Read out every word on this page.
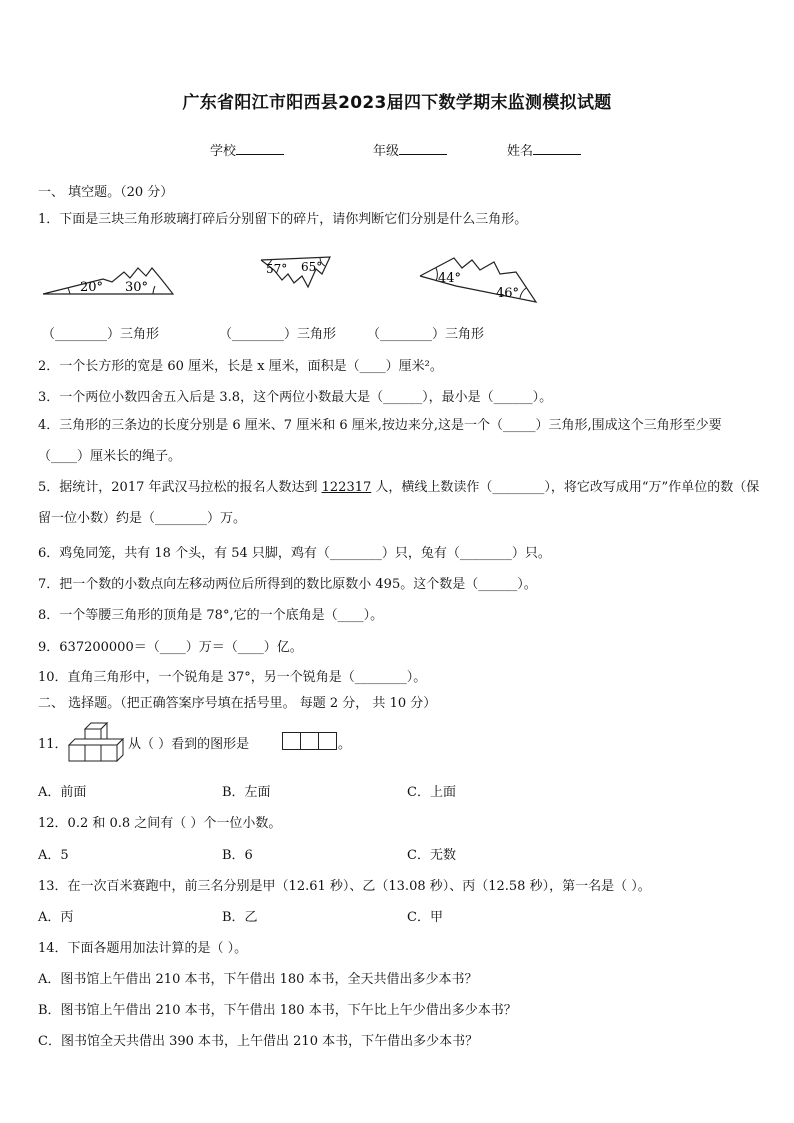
广东省阳江市阳西县2023届四下数学期末监测模拟试题
学校	年级	姓名
一、 填空题。（20 分）
1．下面是三块三角形玻璃打碎后分别留下的碎片，请你判断它们分别是什么三角形。
20° 30°
57° 65°
44°
46°
（________）三角形	（________）三角形 （________）三角形
2．一个长方形的宽是 60 厘米，长是 x 厘米，面积是（____）厘米²。
3．一个两位小数四舍五入后是 3.8，这个两位小数最大是（______），最小是（______）。
4．三角形的三条边的长度分别是 6 厘米、7 厘米和 6 厘米,按边来分,这是一个（_____）三角形,围成这个三角形至少要（____）厘米长的绳子。
5．据统计，2017 年武汉马拉松的报名人数达到 122317 人，横线上数读作（________），将它改写成用“万”作单位的数（保留一位小数）约是（________）万。
6．鸡兔同笼，共有 18 个头，有 54 只脚，鸡有（________）只，兔有（________）只。
7．把一个数的小数点向左移动两位后所得到的数比原数小 495。这个数是（______）。
8．一个等腰三角形的顶角是 78°,它的一个底角是（____）。
9．637200000＝（____）万＝（____）亿。
10．直角三角形中，一个锐角是 37°，另一个锐角是（________）。
二、 选择题。（把正确答案序号填在括号里。 每题 2 分， 共 10 分）
11．	从（ ）看到的图形是	。
A．前面	B．左面	C．上面
12．0.2 和 0.8 之间有（ ）个一位小数。
A．5	B．6	C．无数
13．在一次百米赛跑中，前三名分别是甲（12.61 秒）、乙（13.08 秒）、丙（12.58 秒），第一名是（ ）。
A．丙	B．乙	C．甲
14．下面各题用加法计算的是（ ）。
A．图书馆上午借出 210 本书，下午借出 180 本书，全天共借出多少本书？
B．图书馆上午借出 210 本书，下午借出 180 本书，下午比上午少借出多少本书？
C．图书馆全天共借出 390 本书，上午借出 210 本书，下午借出多少本书？
